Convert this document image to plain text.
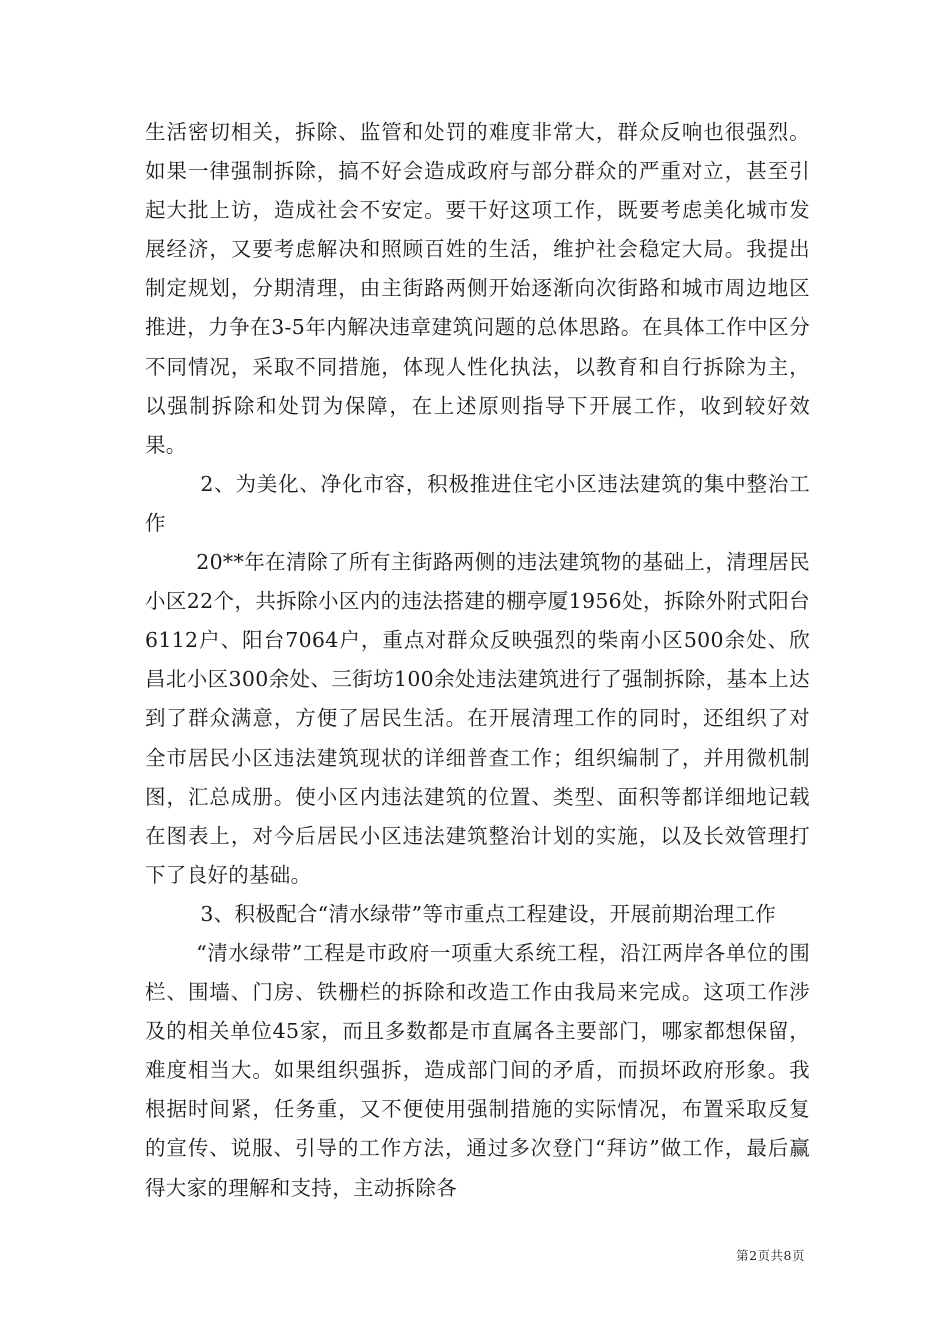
生活密切相关，拆除、监管和处罚的难度非常大，群众反响也很强烈。如果一律强制拆除，搞不好会造成政府与部分群众的严重对立，甚至引起大批上访，造成社会不安定。要干好这项工作，既要考虑美化城市发展经济，又要考虑解决和照顾百姓的生活，维护社会稳定大局。我提出制定规划，分期清理，由主街路两侧开始逐渐向次街路和城市周边地区推进，力争在3-5年内解决违章建筑问题的总体思路。在具体工作中区分不同情况，采取不同措施，体现人性化执法，以教育和自行拆除为主，以强制拆除和处罚为保障，在上述原则指导下开展工作，收到较好效果。

2、为美化、净化市容，积极推进住宅小区违法建筑的集中整治工作

20**年在清除了所有主街路两侧的违法建筑物的基础上，清理居民小区22个，共拆除小区内的违法搭建的棚亭厦1956处，拆除外附式阳台6112户、阳台7064户，重点对群众反映强烈的柴南小区500余处、欣昌北小区300余处、三街坊100余处违法建筑进行了强制拆除，基本上达到了群众满意，方便了居民生活。在开展清理工作的同时，还组织了对全市居民小区违法建筑现状的详细普查工作；组织编制了，并用微机制图，汇总成册。使小区内违法建筑的位置、类型、面积等都详细地记载在图表上，对今后居民小区违法建筑整治计划的实施，以及长效管理打下了良好的基础。

3、积极配合“清水绿带”等市重点工程建设，开展前期治理工作

“清水绿带”工程是市政府一项重大系统工程，沿江两岸各单位的围栏、围墙、门房、铁栅栏的拆除和改造工作由我局来完成。这项工作涉及的相关单位45家，而且多数都是市直属各主要部门，哪家都想保留，难度相当大。如果组织强拆，造成部门间的矛盾，而损坏政府形象。我根据时间紧，任务重，又不便使用强制措施的实际情况，布置采取反复的宣传、说服、引导的工作方法，通过多次登门“拜访”做工作，最后赢得大家的理解和支持，主动拆除各

第2页共8页
